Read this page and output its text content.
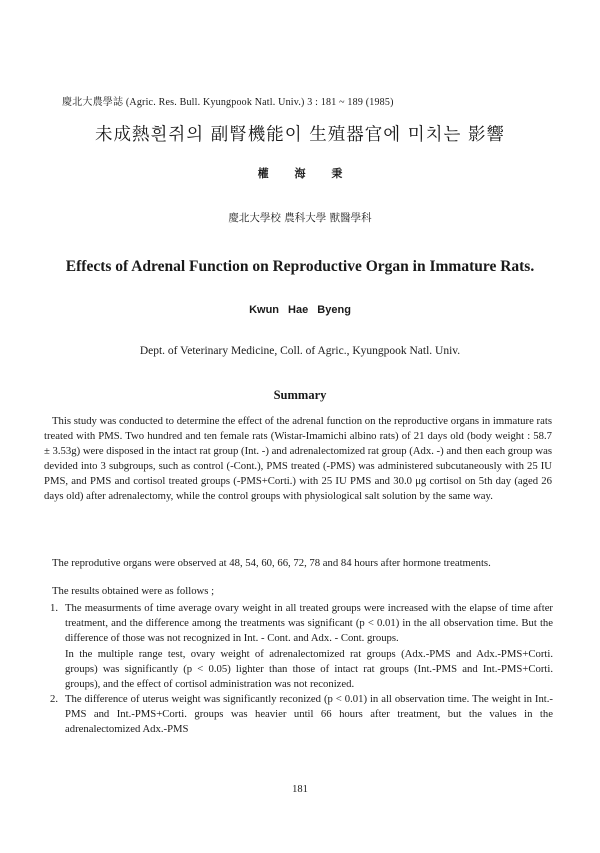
慶北大農學誌 (Agric. Res. Bull. Kyungpook Natl. Univ.) 3 : 181 ~ 189 (1985)
未成熱흰쥐의 副腎機能이 生殖器官에 미치는 影響
權 海 秉
慶北大學校 農科大學 獸醫學科
Effects of Adrenal Function on Reproductive Organ in Immature Rats.
Kwun Hae Byeng
Dept. of Veterinary Medicine, Coll. of Agric., Kyungpook Natl. Univ.
Summary
This study was conducted to determine the effect of the adrenal function on the reproductive organs in immature rats treated with PMS. Two hundred and ten female rats (Wistar-Imamichi albino rats) of 21 days old (body weight : 58.7 ± 3.53g) were disposed in the intact rat group (Int. -) and adrenalectomized rat group (Adx. -) and then each group was devided into 3 subgroups, such as control (-Cont.), PMS treated (-PMS) was administered subcutaneously with 25 IU PMS, and PMS and cortisol treated groups (-PMS+Corti.) with 25 IU PMS and 30.0 μg cortisol on 5th day (aged 26 days old) after adrenalectomy, while the control groups with physiological salt solution by the same way.
The reprodutive organs were observed at 48, 54, 60, 66, 72, 78 and 84 hours after hormone treatments.
The results obtained were as follows ;
1. The measurments of time average ovary weight in all treated groups were increased with the elapse of time after treatment, and the difference among the treatments was significant (p < 0.01) in the all observation time. But the difference of those was not recognized in Int. - Cont. and Adx. - Cont. groups.
In the multiple range test, ovary weight of adrenalectomized rat groups (Adx.-PMS and Adx.-PMS+Corti. groups) was significantly (p < 0.05) lighter than those of intact rat groups (Int.-PMS and Int.-PMS+Corti. groups), and the effect of cortisol administration was not reconized.
2. The difference of uterus weight was significantly reconized (p < 0.01) in all observation time. The weight in Int.-PMS and Int.-PMS+Corti. groups was heavier until 66 hours after treatment, but the values in the adrenalectomized Adx.-PMS
181
